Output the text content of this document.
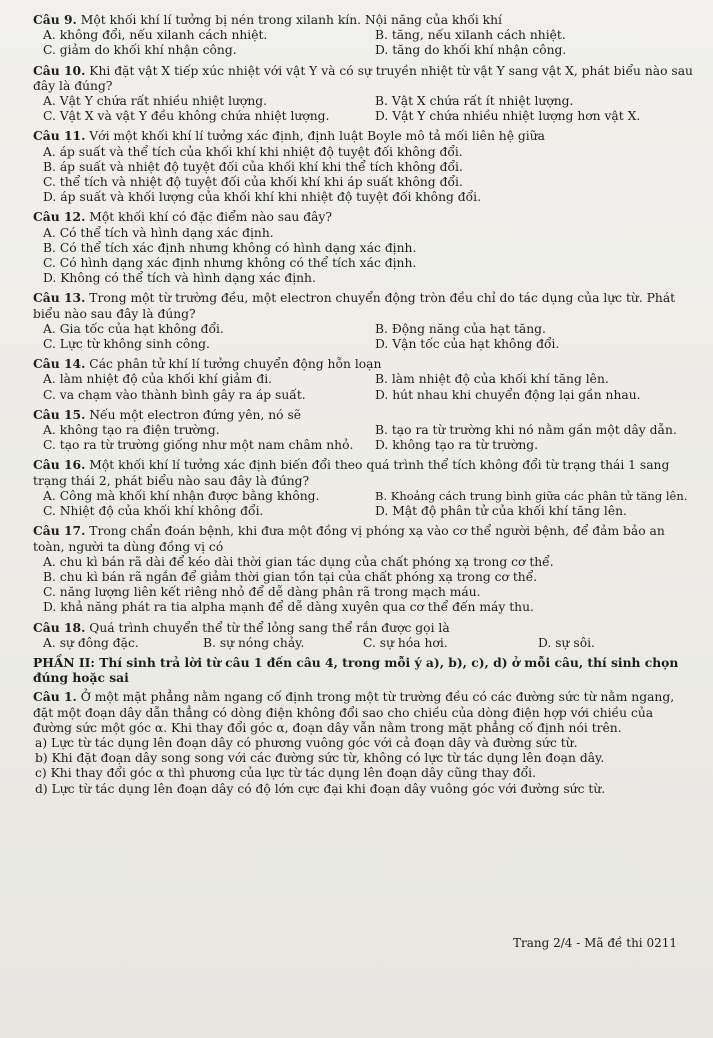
Câu 9. Một khối khí lí tưởng bị nén trong xilanh kín. Nội năng của khối khí
A. không đổi, nếu xilanh cách nhiệt.	B. tăng, nếu xilanh cách nhiệt.
C. giảm do khối khí nhận công.	D. tăng do khối khí nhận công.
Câu 10. Khi đặt vật X tiếp xúc nhiệt với vật Y và có sự truyền nhiệt từ vật Y sang vật X, phát biểu nào sau đây là đúng?
A. Vật Y chứa rất nhiều nhiệt lượng.	B. Vật X chứa rất ít nhiệt lượng.
C. Vật X và vật Y đều không chứa nhiệt lượng.	D. Vật Y chứa nhiều nhiệt lượng hơn vật X.
Câu 11. Với một khối khí lí tưởng xác định, định luật Boyle mô tả mối liên hệ giữa
A. áp suất và thể tích của khối khí khi nhiệt độ tuyệt đối không đổi.
B. áp suất và nhiệt độ tuyệt đối của khối khí khi thể tích không đổi.
C. thể tích và nhiệt độ tuyệt đối của khối khí khi áp suất không đổi.
D. áp suất và khối lượng của khối khí khi nhiệt độ tuyệt đối không đổi.
Câu 12. Một khối khí có đặc điểm nào sau đây?
A. Có thể tích và hình dạng xác định.
B. Có thể tích xác định nhưng không có hình dạng xác định.
C. Có hình dạng xác định nhưng không có thể tích xác định.
D. Không có thể tích và hình dạng xác định.
Câu 13. Trong một từ trường đều, một electron chuyển động tròn đều chỉ do tác dụng của lực từ. Phát biểu nào sau đây là đúng?
A. Gia tốc của hạt không đổi.	B. Động năng của hạt tăng.
C. Lực từ không sinh công.	D. Vận tốc của hạt không đổi.
Câu 14. Các phân tử khí lí tưởng chuyển động hỗn loạn
A. làm nhiệt độ của khối khí giảm đi.	B. làm nhiệt độ của khối khí tăng lên.
C. va chạm vào thành bình gây ra áp suất.	D. hút nhau khi chuyển động lại gần nhau.
Câu 15. Nếu một electron đứng yên, nó sẽ
A. không tạo ra điện trường.	B. tạo ra từ trường khi nó nằm gần một dây dẫn.
C. tạo ra từ trường giống như một nam châm nhỏ.	D. không tạo ra từ trường.
Câu 16. Một khối khí lí tưởng xác định biến đổi theo quá trình thể tích không đổi từ trạng thái 1 sang trạng thái 2, phát biểu nào sau đây là đúng?
A. Công mà khối khí nhận được bằng không.	B. Khoảng cách trung bình giữa các phân tử tăng lên.
C. Nhiệt độ của khối khí không đổi.	D. Mật độ phân tử của khối khí tăng lên.
Câu 17. Trong chẩn đoán bệnh, khi đưa một đồng vị phóng xạ vào cơ thể người bệnh, để đảm bảo an toàn, người ta dùng đồng vị có
A. chu kì bán rã dài để kéo dài thời gian tác dụng của chất phóng xạ trong cơ thể.
B. chu kì bán rã ngắn để giảm thời gian tồn tại của chất phóng xạ trong cơ thể.
C. năng lượng liên kết riêng nhỏ để dễ dàng phân rã trong mạch máu.
D. khả năng phát ra tia alpha mạnh để dễ dàng xuyên qua cơ thể đến máy thu.
Câu 18. Quá trình chuyển thể từ thể lỏng sang thể rắn được gọi là
A. sự đông đặc.	B. sự nóng chảy.	C. sự hóa hơi.	D. sự sôi.
PHẦN II: Thí sinh trả lời từ câu 1 đến câu 4, trong mỗi ý a), b), c), d) ở mỗi câu, thí sinh chọn đúng hoặc sai
Câu 1. Ở một mặt phẳng nằm ngang cố định trong một từ trường đều có các đường sức từ nằm ngang, đặt một đoạn dây dẫn thẳng có dòng điện không đổi sao cho chiều của dòng điện hợp với chiều của đường sức một góc α. Khi thay đổi góc α, đoạn dây vẫn nằm trong mặt phẳng cố định nói trên.
a) Lực từ tác dụng lên đoạn dây có phương vuông góc với cả đoạn dây và đường sức từ.
b) Khi đặt đoạn dây song song với các đường sức từ, không có lực từ tác dụng lên đoạn dây.
c) Khi thay đổi góc α thì phương của lực từ tác dụng lên đoạn dây cũng thay đổi.
d) Lực từ tác dụng lên đoạn dây có độ lớn cực đại khi đoạn dây vuông góc với đường sức từ.
Trang 2/4 - Mã đề thi 0211
